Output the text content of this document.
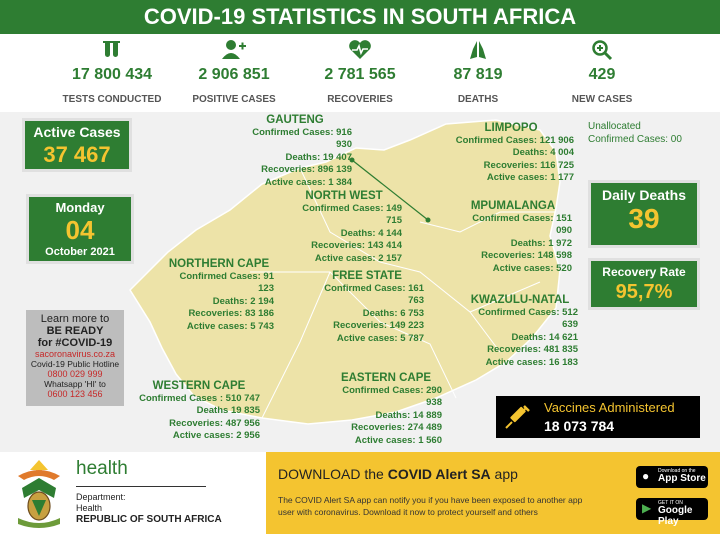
COVID-19 STATISTICS IN SOUTH AFRICA
17 800 434
TESTS CONDUCTED
2 906 851
POSITIVE CASES
2 781 565
RECOVERIES
87 819
DEATHS
429
NEW CASES
Active Cases
37 467
Monday
04
October 2021
Unallocated
Confirmed Cases: 00
Daily Deaths
39
Recovery Rate
95,7%
GAUTENG
Confirmed Cases: 916 930
Deaths: 19 407
Recoveries: 896 139
Active cases: 1 384
LIMPOPO
Confirmed Cases: 121 906
Deaths: 4 004
Recoveries: 116 725
Active cases: 1 177
NORTH WEST
Confirmed Cases: 149 715
Deaths: 4 144
Recoveries: 143 414
Active cases: 2 157
MPUMALANGA
Confirmed Cases: 151 090
Deaths: 1 972
Recoveries: 148 598
Active cases: 520
NORTHERN CAPE
Confirmed Cases: 91 123
Deaths: 2 194
Recoveries: 83 186
Active cases: 5 743
FREE STATE
Confirmed Cases: 161 763
Deaths: 6 753
Recoveries: 149 223
Active cases: 5 787
KWAZULU-NATAL
Confirmed Cases: 512 639
Deaths: 14 621
Recoveries: 481 835
Active cases: 16 183
WESTERN CAPE
Confirmed Cases : 510 747
Deaths 19 835
Recoveries: 487 956
Active cases: 2 956
EASTERN CAPE
Confirmed Cases: 290 938
Deaths: 14 889
Recoveries: 274 489
Active cases: 1 560
Learn more to
BE READY
for #COVID-19
sacoronavirus.co.za
Covid-19 Public Hotline
0800 029 999
Whatsapp 'HI' to
0600 123 456
Vaccines Administered
18 073 784
health
Department:
Health
REPUBLIC OF SOUTH AFRICA
DOWNLOAD the COVID Alert SA app
The COVID Alert SA app can notify you if you have been exposed to another app
user with coronavirus. Download it now to protect yourself and others
● Download on the
App Store
▶ GET IT ON
Google Play
